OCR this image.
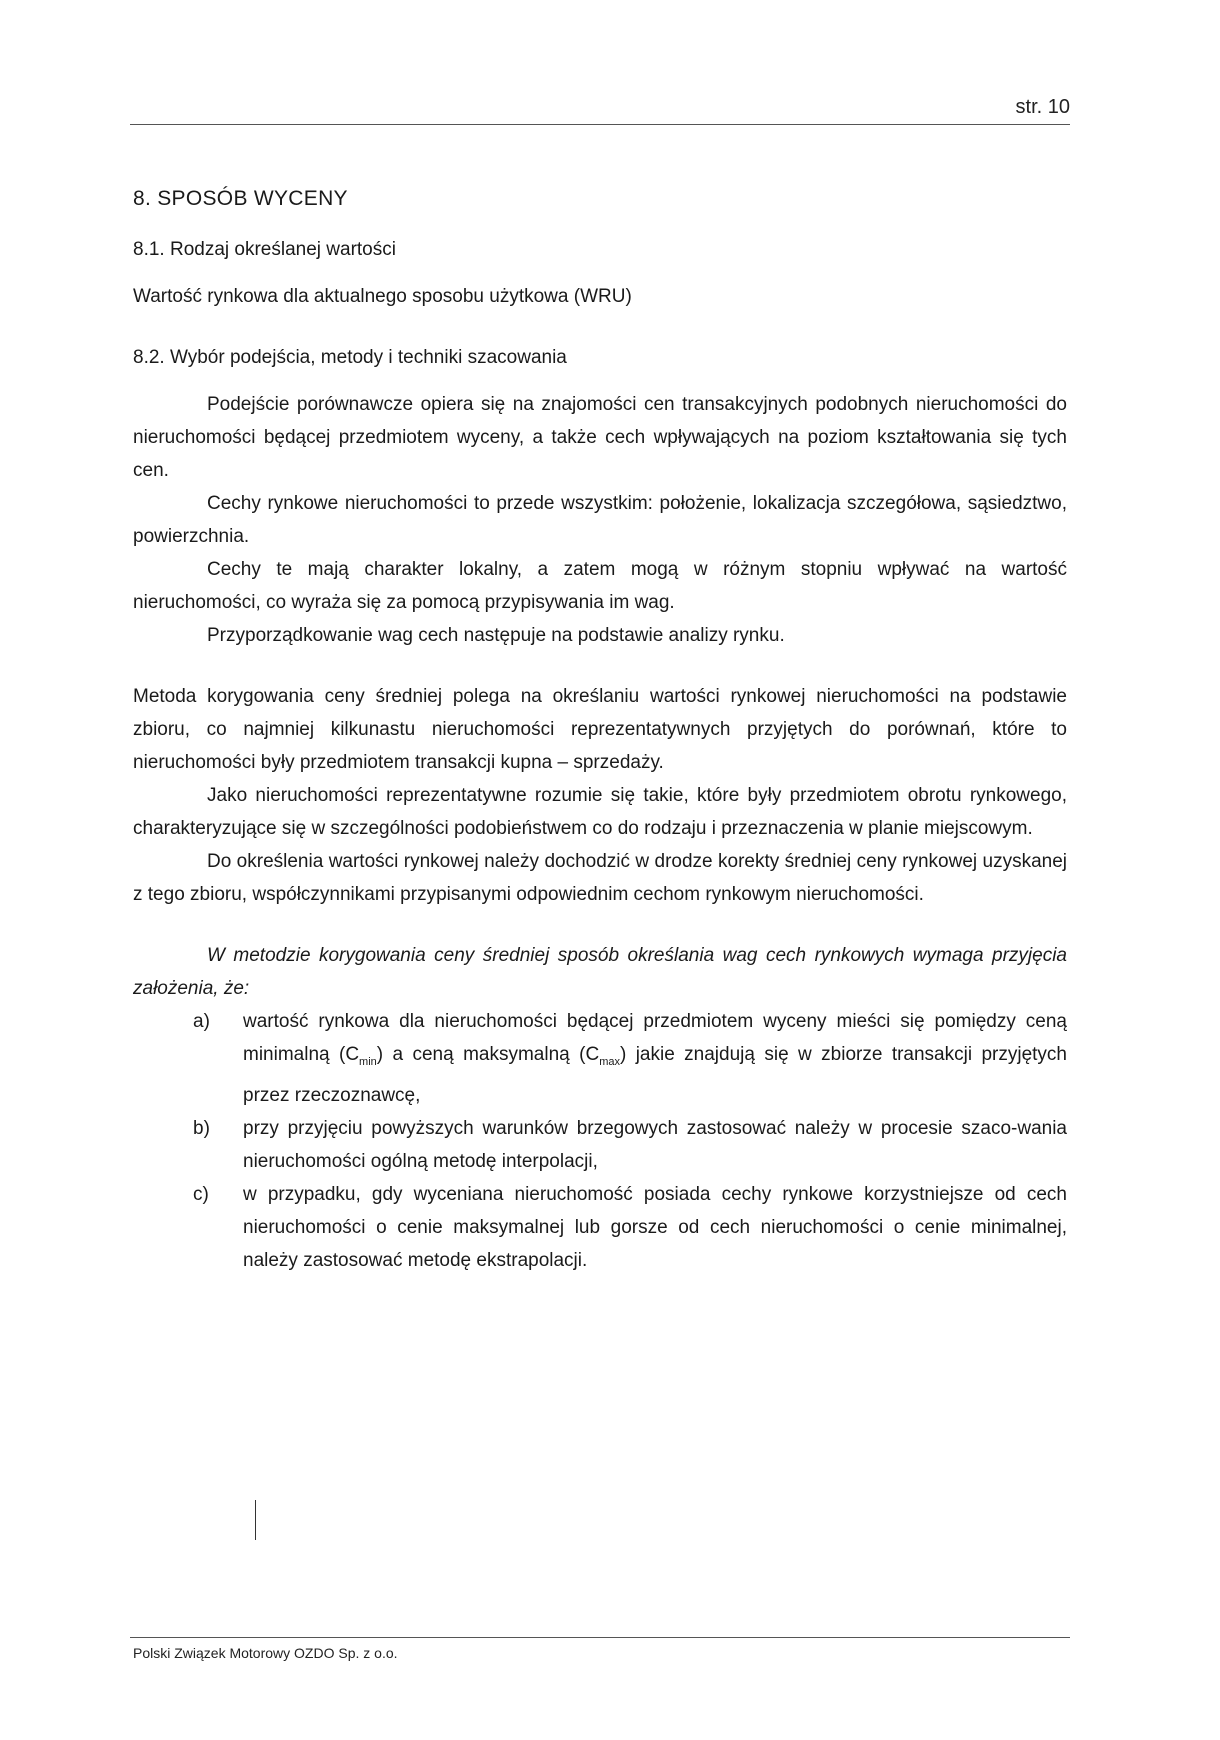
str. 10
8. SPOSÓB WYCENY
8.1. Rodzaj określanej wartości

Wartość rynkowa dla aktualnego sposobu użytkowa (WRU)

8.2. Wybór podejścia, metody i techniki szacowania

Podejście porównawcze opiera się na znajomości cen transakcyjnych podobnych nieruchomości do nieruchomości będącej przedmiotem wyceny, a także cech wpływających na poziom kształtowania się tych cen.

Cechy rynkowe nieruchomości to przede wszystkim: położenie, lokalizacja szczegółowa, sąsiedztwo, powierzchnia.

Cechy te mają charakter lokalny, a zatem mogą w różnym stopniu wpływać na wartość nieruchomości, co wyraża się za pomocą przypisywania im wag.

Przyporządkowanie wag cech następuje na podstawie analizy rynku.

Metoda korygowania ceny średniej polega na określaniu wartości rynkowej nieruchomości na podstawie zbioru, co najmniej kilkunastu nieruchomości reprezentatywnych przyjętych do porównań, które to nieruchomości były przedmiotem transakcji kupna – sprzedaży.

Jako nieruchomości reprezentatywne rozumie się takie, które były przedmiotem obrotu rynkowego, charakteryzujące się w szczególności podobieństwem co do rodzaju i przeznaczenia w planie miejscowym.

Do określenia wartości rynkowej należy dochodzić w drodze korekty średniej ceny rynkowej uzyskanej z tego zbioru, współczynnikami przypisanymi odpowiednim cechom rynkowym nieruchomości.

W metodzie korygowania ceny średniej sposób określania wag cech rynkowych wymaga przyjęcia założenia, że:

a)	wartość rynkowa dla nieruchomości będącej przedmiotem wyceny mieści się pomiędzy ceną minimalną $(C_{min})$ a ceną maksymalną $(C_{max})$ jakie znajdują się w zbiorze transakcji przyjętych przez rzeczoznawcę,
b)	przy przyjęciu powyższych warunków brzegowych zastosować należy w procesie szaco-wania nieruchomości ogólną metodę interpolacji,
c)	w przypadku, gdy wyceniana nieruchomość posiada cechy rynkowe korzystniejsze od cech nieruchomości o cenie maksymalnej lub gorsze od cech nieruchomości o cenie minimalnej, należy zastosować metodę ekstrapolacji.
Polski Związek Motorowy OZDO Sp. z o.o.
